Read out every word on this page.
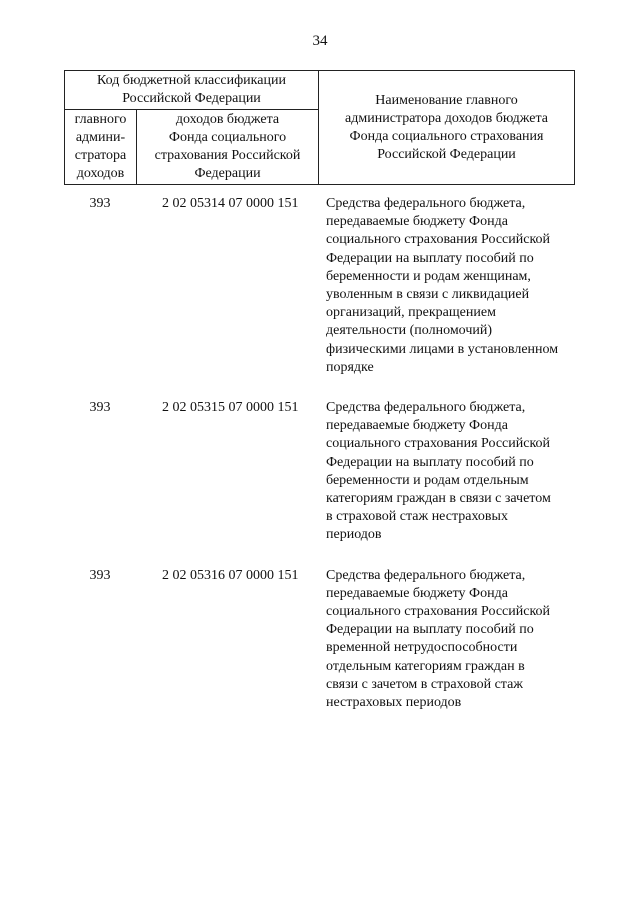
34
Код бюджетной классификации
Российской Федерации		Наименование главного
администратора доходов бюджета
Фонда социального страхования
Российской Федерации

главного
админи-
стратора
доходов	доходов бюджета
Фонда социального
страхования Российской
Федерации	
393	2 02 05314 07 0000 151	Средства федерального бюджета,
передаваемые бюджету Фонда
социального страхования Российской
Федерации на выплату пособий по
беременности и родам женщинам,
уволенным в связи с ликвидацией
организаций, прекращением
деятельности (полномочий)
физическими лицами в установленном
порядке
393	2 02 05315 07 0000 151	Средства федерального бюджета,
передаваемые бюджету Фонда
социального страхования Российской
Федерации на выплату пособий по
беременности и родам отдельным
категориям граждан в связи с зачетом
в страховой стаж нестраховых
периодов
393	2 02 05316 07 0000 151	Средства федерального бюджета,
передаваемые бюджету Фонда
социального страхования Российской
Федерации на выплату пособий по
временной нетрудоспособности
отдельным категориям граждан в
связи с зачетом в страховой стаж
нестраховых периодов
